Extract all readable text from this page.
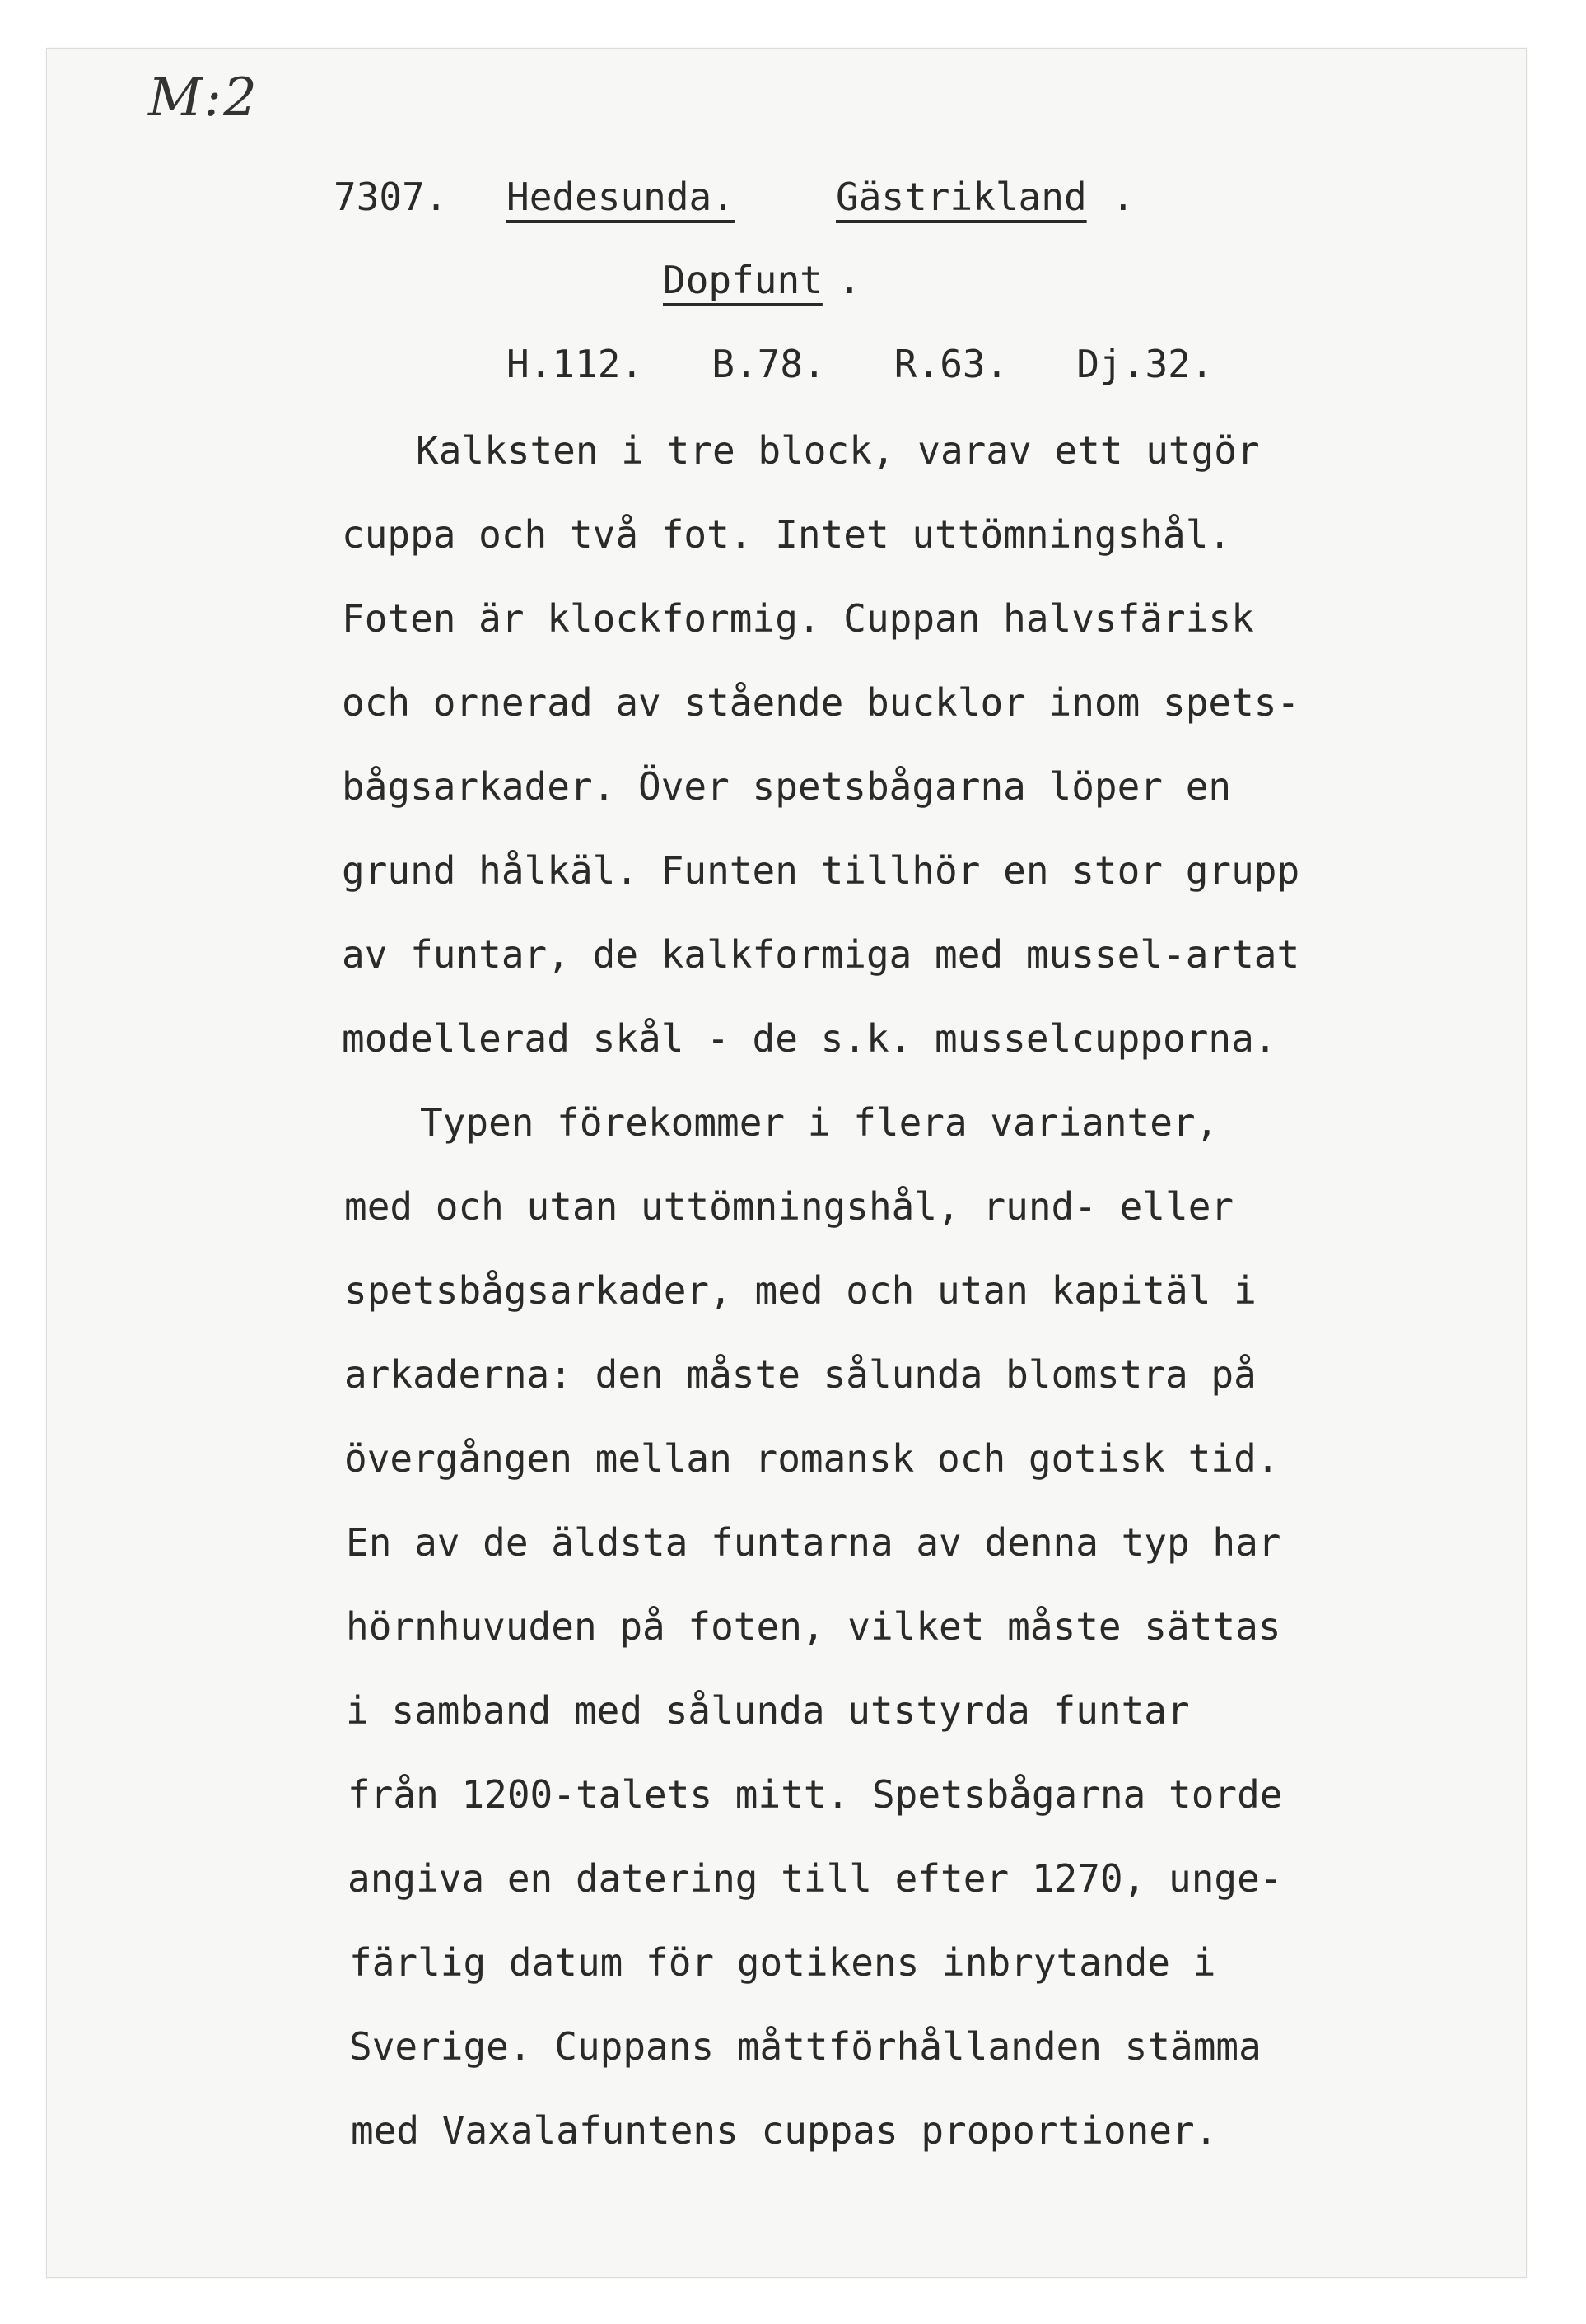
M:2
7307. Hedesunda.	Gästrikland .
Dopfunt .
H.112.   B.78.   R.63.   Dj.32.
Kalksten i tre block, varav ett utgör
cuppa och två fot. Intet uttömningshål.
Foten är klockformig. Cuppan halvsfärisk
och ornerad av stående bucklor inom spets-
bågsarkader. Över spetsbågarna löper en
grund hålkäl. Funten tillhör en stor grupp
av funtar, de kalkformiga med mussel-artat
modellerad skål - de s.k. musselcupporna.
Typen förekommer i flera varianter,
med och utan uttömningshål, rund- eller
spetsbågsarkader, med och utan kapitäl i
arkaderna: den måste sålunda blomstra på
övergången mellan romansk och gotisk tid.
En av de äldsta funtarna av denna typ har
hörnhuvuden på foten, vilket måste sättas
i samband med sålunda utstyrda funtar
från 1200-talets mitt. Spetsbågarna torde
angiva en datering till efter 1270, unge-
färlig datum för gotikens inbrytande i
Sverige. Cuppans måttförhållanden stämma
med Vaxalafuntens cuppas proportioner.
